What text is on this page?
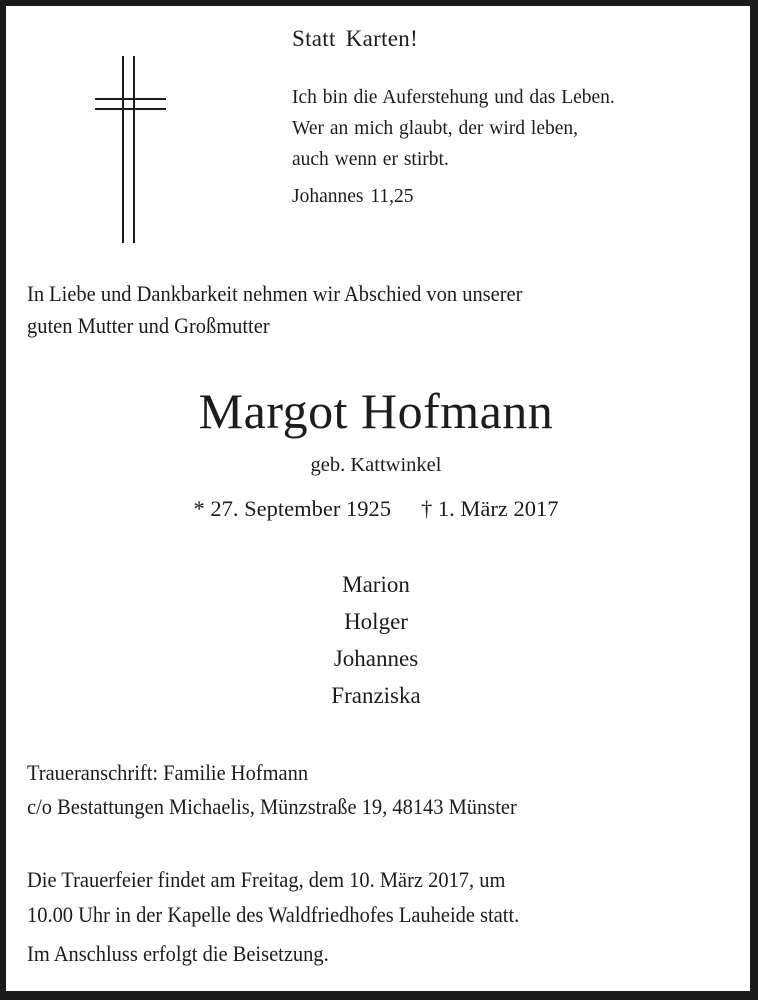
Statt Karten!
Ich bin die Auferstehung und das Leben.
Wer an mich glaubt, der wird leben,
auch wenn er stirbt.
Johannes 11,25
In Liebe und Dankbarkeit nehmen wir Abschied von unserer
guten Mutter und Großmutter
Margot Hofmann
geb. Kattwinkel
* 27. September 1925 † 1. März 2017
Marion
Holger
Johannes
Franziska
Traueranschrift: Familie Hofmann
c/o Bestattungen Michaelis, Münzstraße 19, 48143 Münster
Die Trauerfeier findet am Freitag, dem 10. März 2017, um
10.00 Uhr in der Kapelle des Waldfriedhofes Lauheide statt.
Im Anschluss erfolgt die Beisetzung.
